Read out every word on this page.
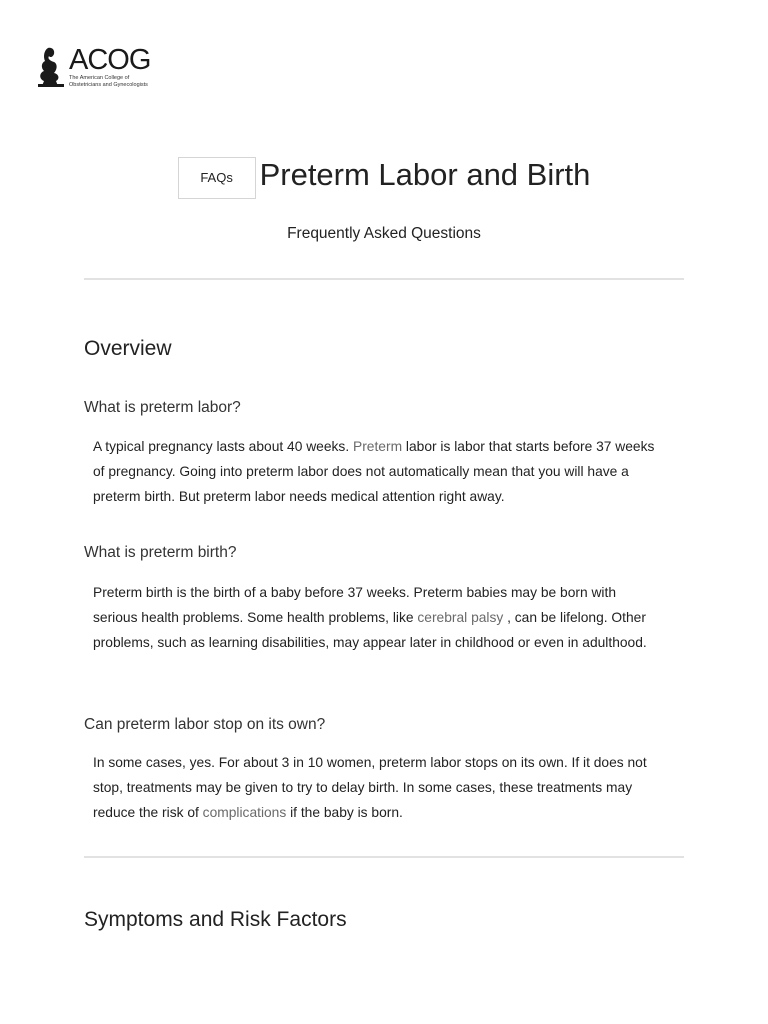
ACOG
The American College of
Obstetricians and Gynecologists
FAQs Preterm Labor and Birth
Frequently Asked Questions
Overview
What is preterm labor?
A typical pregnancy lasts about 40 weeks. Preterm labor is labor that starts before 37 weeks of pregnancy. Going into preterm labor does not automatically mean that you will have a preterm birth. But preterm labor needs medical attention right away.
What is preterm birth?
Preterm birth is the birth of a baby before 37 weeks. Preterm babies may be born with serious health problems. Some health problems, like cerebral palsy , can be lifelong. Other problems, such as learning disabilities, may appear later in childhood or even in adulthood.
Can preterm labor stop on its own?
In some cases, yes. For about 3 in 10 women, preterm labor stops on its own. If it does not stop, treatments may be given to try to delay birth. In some cases, these treatments may reduce the risk of complications if the baby is born.
Symptoms and Risk Factors
